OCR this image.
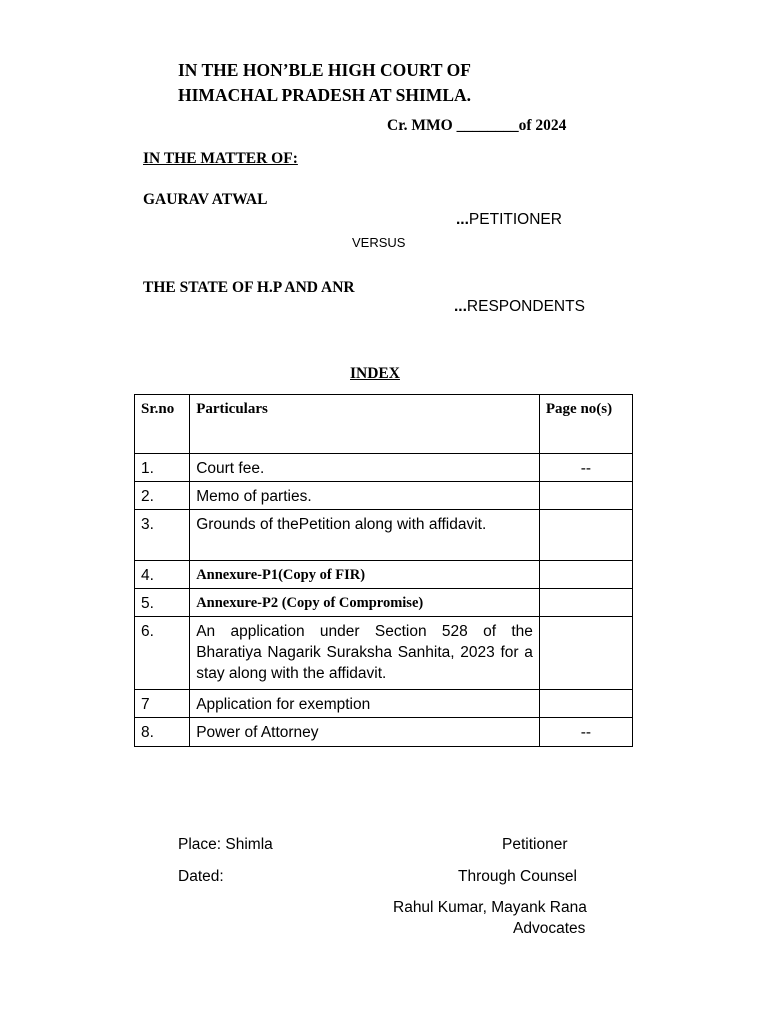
IN THE HON’BLE HIGH COURT OF
HIMACHAL PRADESH AT SHIMLA.
Cr. MMO ________of 2024
IN THE MATTER OF:
GAURAV ATWAL
...PETITIONER
VERSUS
THE STATE OF H.P AND ANR
...RESPONDENTS
INDEX
Sr.no	Particulars	Page no(s)
1.	Court fee.	--
2.	Memo of parties.	
3.	Grounds of thePetition along with affidavit.	
4.	Annexure-P1(Copy of FIR)	
5.	Annexure-P2 (Copy of Compromise)	
6.	An application under Section 528 of the Bharatiya Nagarik Suraksha Sanhita, 2023 for a stay along with the affidavit.	
7	Application for exemption	
8.	Power of Attorney	--
Place: Shimla	Petitioner
Dated:	Through Counsel
Rahul Kumar, Mayank Rana
Advocates
